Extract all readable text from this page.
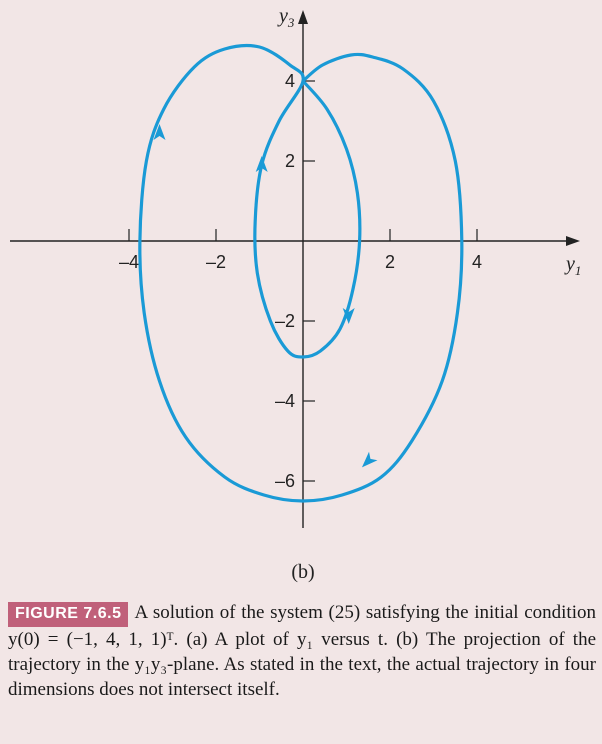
–4	–2	2	4
4
2
–2
–4
–6
$y_1$
$y_3$
(b)
FIGURE 7.6.5 A solution of the system (25) satisfying the initial condition y(0) = (−1, 4, 1, 1)ᵀ. (a) A plot of y₁ versus t. (b) The projection of the trajectory in the y₁y₃-plane. As stated in the text, the actual trajectory in four dimensions does not intersect itself.
